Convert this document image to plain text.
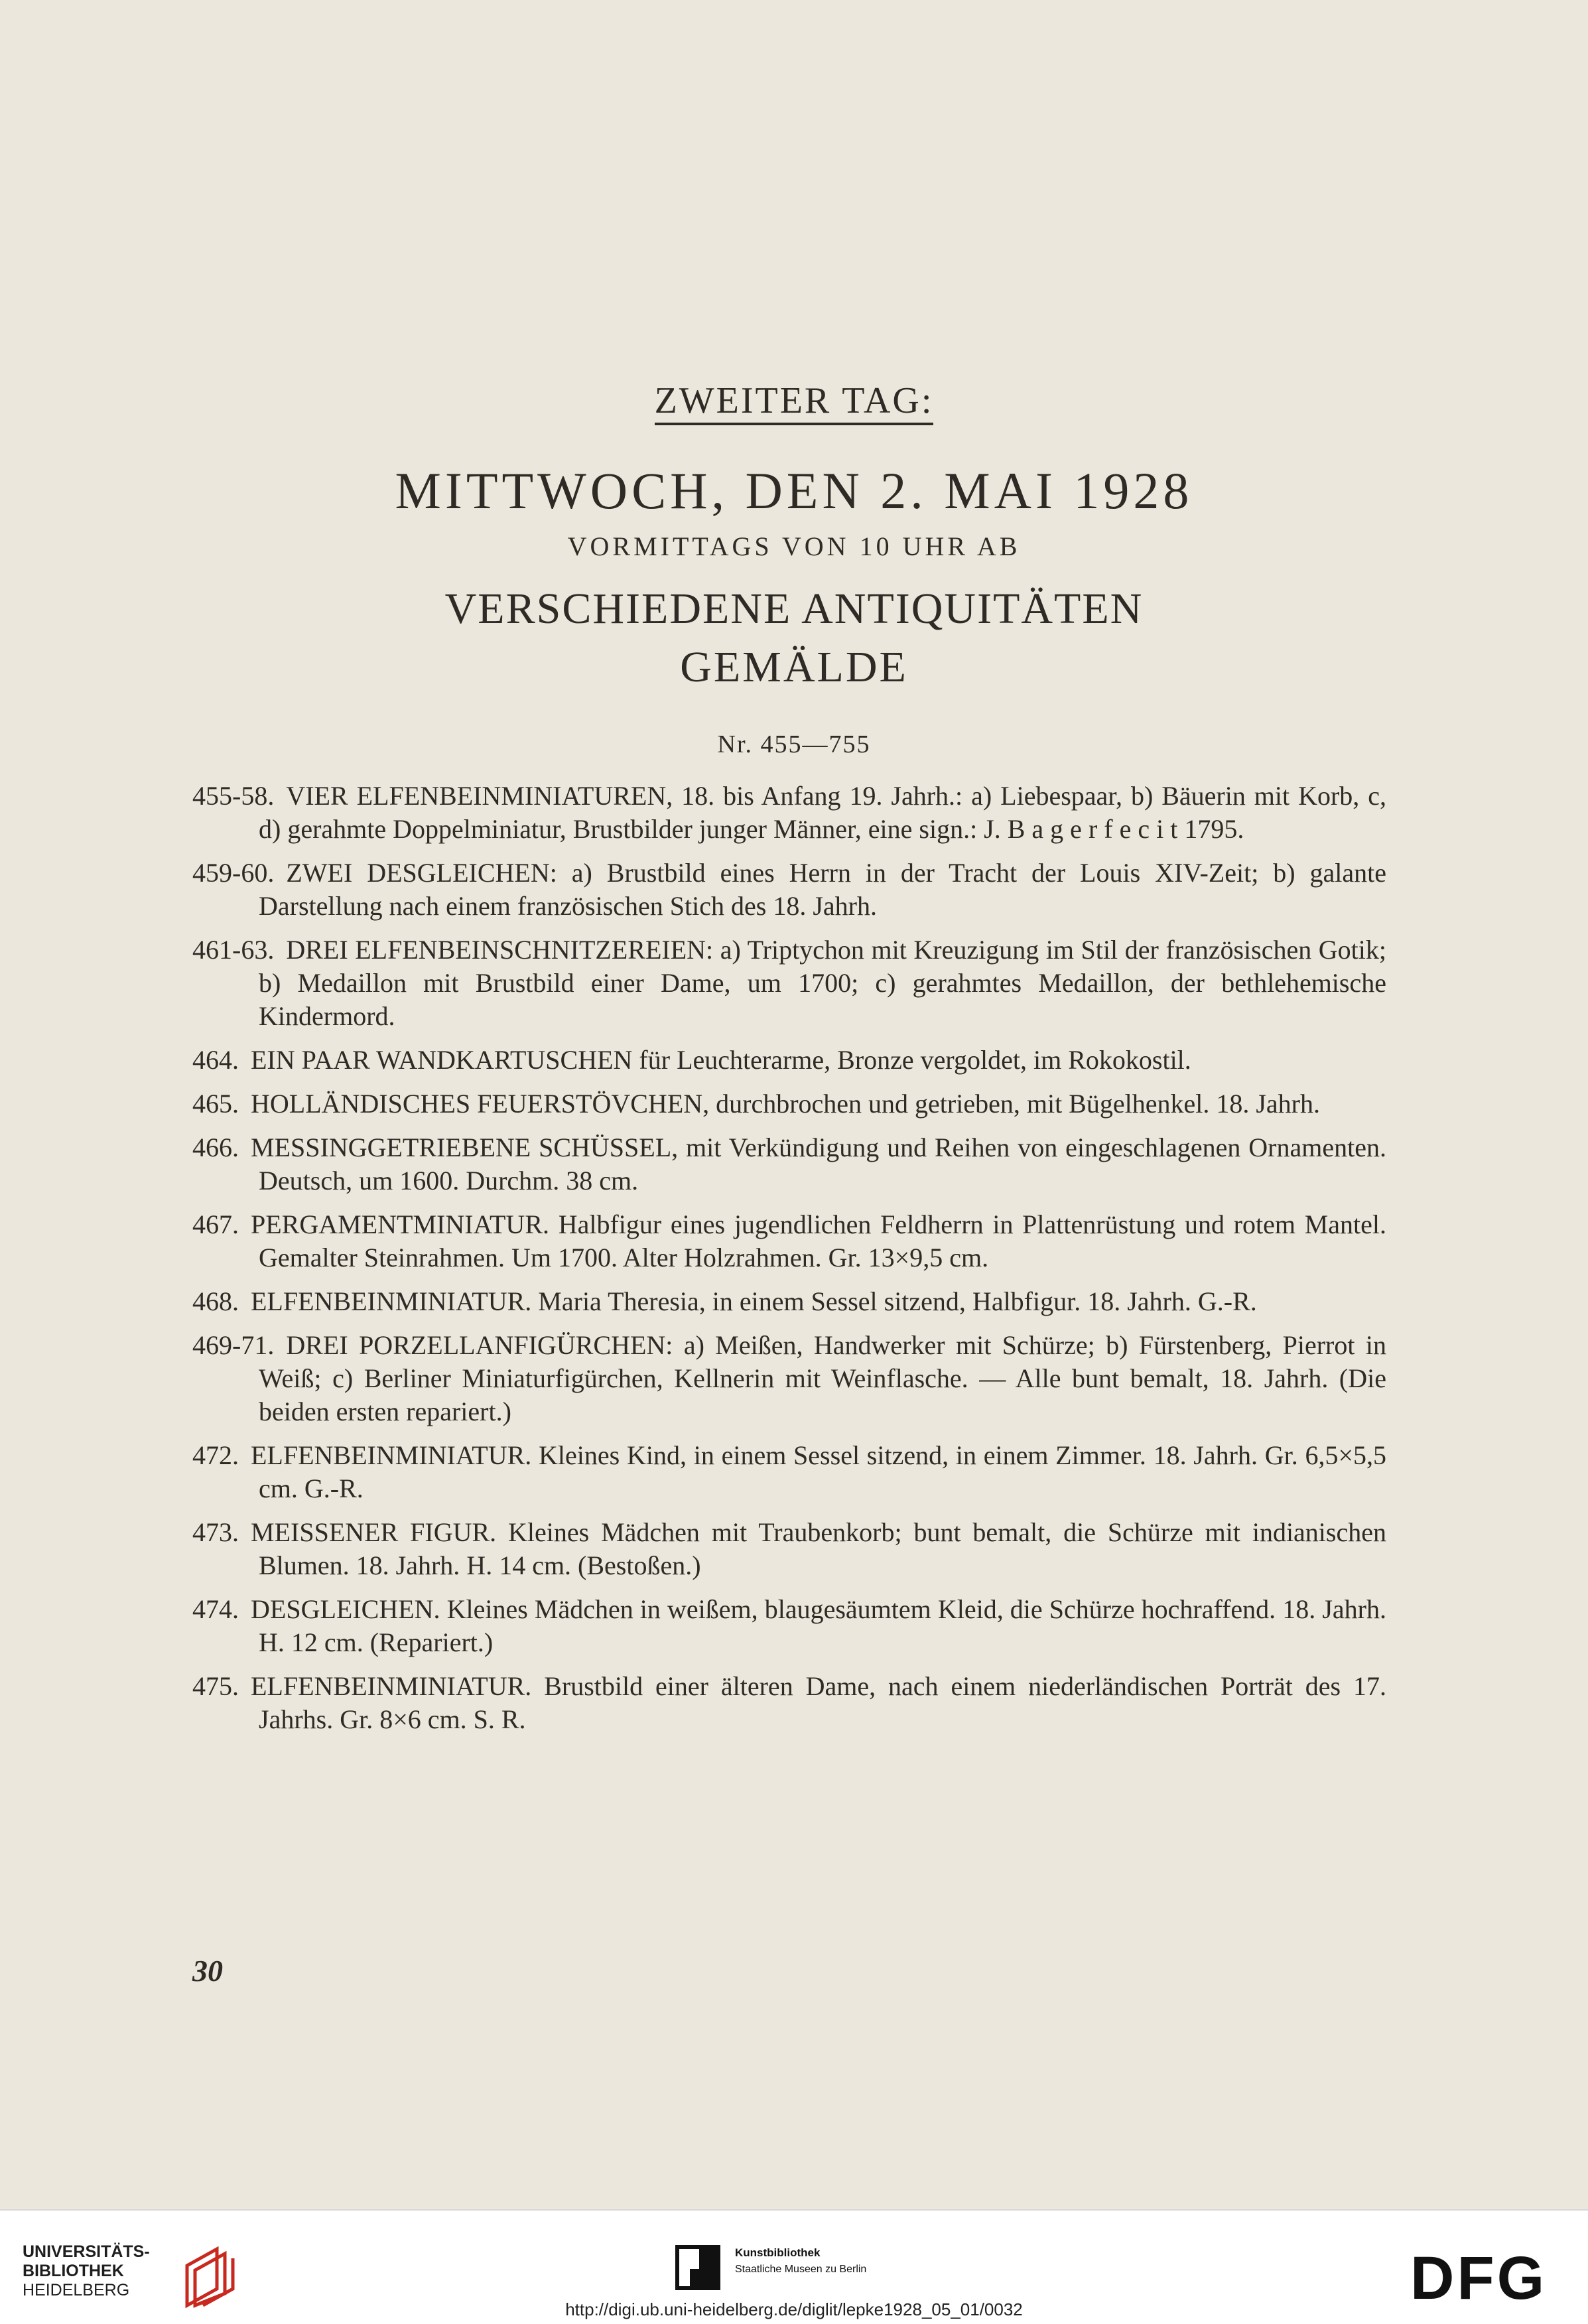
ZWEITER TAG:
MITTWOCH, DEN 2. MAI 1928
VORMITTAGS VON 10 UHR AB
VERSCHIEDENE ANTIQUITÄTEN
GEMÄLDE
Nr. 455—755
455-58. VIER ELFENBEINMINIATUREN, 18. bis Anfang 19. Jahrh.: a) Liebespaar, b) Bäuerin mit Korb, c, d) gerahmte Doppelminiatur, Brustbilder junger Männer, eine sign.: J. B a g e r f e c i t 1795.
459-60. ZWEI DESGLEICHEN: a) Brustbild eines Herrn in der Tracht der Louis XIV-Zeit; b) galante Darstellung nach einem französischen Stich des 18. Jahrh.
461-63. DREI ELFENBEINSCHNITZEREIEN: a) Triptychon mit Kreuzigung im Stil der französischen Gotik; b) Medaillon mit Brustbild einer Dame, um 1700; c) gerahmtes Medaillon, der bethlehemische Kindermord.
464. EIN PAAR WANDKARTUSCHEN für Leuchterarme, Bronze vergoldet, im Rokokostil.
465. HOLLÄNDISCHES FEUERSTÖVCHEN, durchbrochen und getrieben, mit Bügelhenkel. 18. Jahrh.
466. MESSINGGETRIEBENE SCHÜSSEL, mit Verkündigung und Reihen von eingeschlagenen Ornamenten. Deutsch, um 1600. Durchm. 38 cm.
467. PERGAMENTMINIATUR. Halbfigur eines jugendlichen Feldherrn in Plattenrüstung und rotem Mantel. Gemalter Steinrahmen. Um 1700. Alter Holzrahmen. Gr. 13×9,5 cm.
468. ELFENBEINMINIATUR. Maria Theresia, in einem Sessel sitzend, Halbfigur. 18. Jahrh. G.-R.
469-71. DREI PORZELLANFIGÜRCHEN: a) Meißen, Handwerker mit Schürze; b) Fürstenberg, Pierrot in Weiß; c) Berliner Miniaturfigürchen, Kellnerin mit Weinflasche. — Alle bunt bemalt, 18. Jahrh. (Die beiden ersten repariert.)
472. ELFENBEINMINIATUR. Kleines Kind, in einem Sessel sitzend, in einem Zimmer. 18. Jahrh. Gr. 6,5×5,5 cm. G.-R.
473. MEISSENER FIGUR. Kleines Mädchen mit Traubenkorb; bunt bemalt, die Schürze mit indianischen Blumen. 18. Jahrh. H. 14 cm. (Bestoßen.)
474. DESGLEICHEN. Kleines Mädchen in weißem, blaugesäumtem Kleid, die Schürze hochraffend. 18. Jahrh. H. 12 cm. (Repariert.)
475. ELFENBEINMINIATUR. Brustbild einer älteren Dame, nach einem niederländischen Porträt des 17. Jahrhs. Gr. 8×6 cm. S. R.
30
UNIVERSITÄTS-
BIBLIOTHEK
HEIDELBERG
Kunstbibliothek
Staatliche Museen zu Berlin	DFG
http://digi.ub.uni-heidelberg.de/diglit/lepke1928_05_01/0032
